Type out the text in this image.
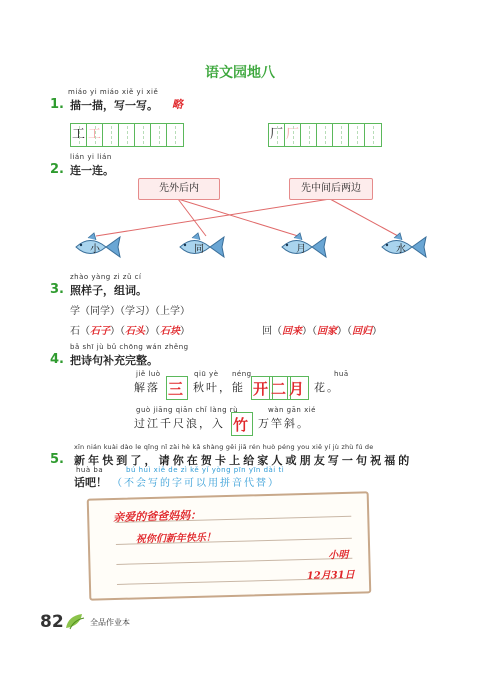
语文园地八
miáo yi miáo xiě yi xiě
1. 描一描，写一写。 略
工 工	厂 厂
lián yi lián
2. 连一连。
先外后内	先中间后两边
小	同	月	水
zhào yàng zi zǔ cí
3. 照样子，组词。
学（同学）（学习）（上学）
石（石子）（石头）（石块）	回（回来）（回家）（回归）
bǎ shī jù bǔ chōng wán zhěng
4. 把诗句补充完整。
jiě luò	qiū yè néng	huā
解落 三 秋叶，能 开二月 花。
guò jiāng qiān chǐ làng rù	wàn gān xié
过江千尺浪，入 竹 万竿斜。
xīn nián kuài dào le qǐng nǐ zài hè kǎ shàng gěi jiā rén huò péng you xiě yí jù zhù fú de
5. 新年快到了，请你在贺卡上给家人或朋友写一句祝福的
huà ba	bú huì xiě de zì kě yǐ yòng pīn yīn dài tì
话吧！ （不会写的字可以用拼音代替）
亲爱的爸爸妈妈：
祝你们新年快乐！
小明
12月31日
82	全品作业本
